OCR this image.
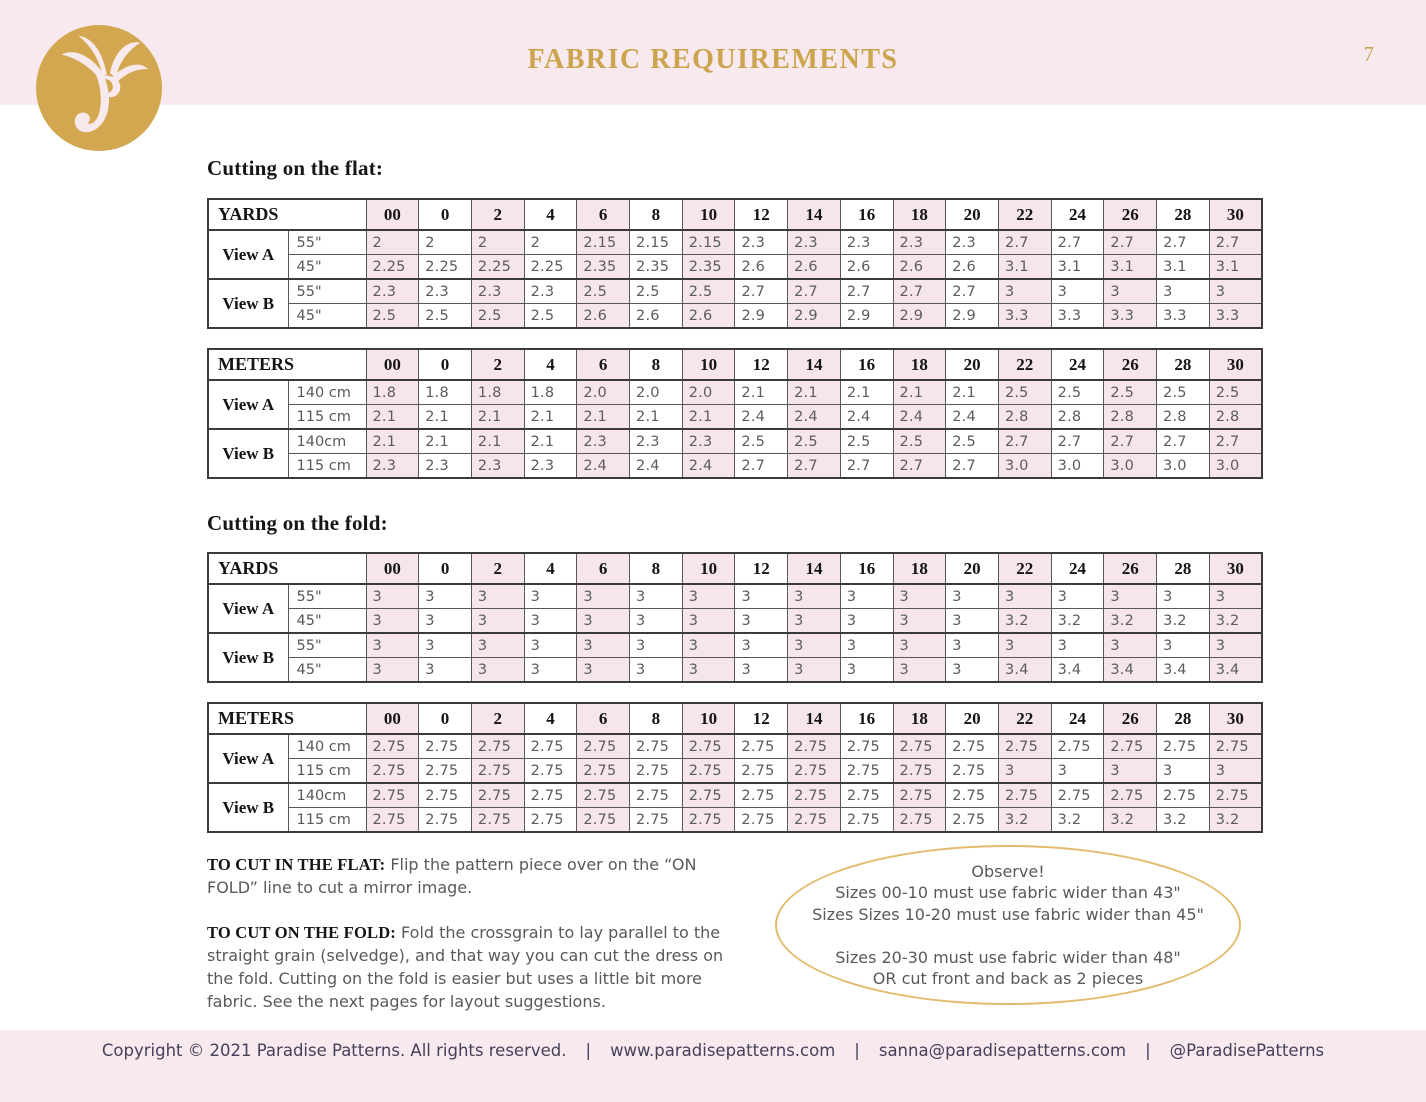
FABRIC REQUIREMENTS	7
Cutting on the flat:
Cutting on the fold:
YARDS		00	0	2	4	6	8	10	12	14	16	18	20	22	24	26	28	30
View A	55"	2	2	2	2	2.15	2.15	2.15	2.3	2.3	2.3	2.3	2.3	2.7	2.7	2.7	2.7	2.7
	45"	2.25	2.25	2.25	2.25	2.35	2.35	2.35	2.6	2.6	2.6	2.6	2.6	3.1	3.1	3.1	3.1	3.1
View B	55"	2.3	2.3	2.3	2.3	2.5	2.5	2.5	2.7	2.7	2.7	2.7	2.7	3	3	3	3	3
	45"	2.5	2.5	2.5	2.5	2.6	2.6	2.6	2.9	2.9	2.9	2.9	2.9	3.3	3.3	3.3	3.3	3.3
METERS		00	0	2	4	6	8	10	12	14	16	18	20	22	24	26	28	30
View A	140 cm	1.8	1.8	1.8	1.8	2.0	2.0	2.0	2.1	2.1	2.1	2.1	2.1	2.5	2.5	2.5	2.5	2.5
	115 cm	2.1	2.1	2.1	2.1	2.1	2.1	2.1	2.4	2.4	2.4	2.4	2.4	2.8	2.8	2.8	2.8	2.8
View B	140cm	2.1	2.1	2.1	2.1	2.3	2.3	2.3	2.5	2.5	2.5	2.5	2.5	2.7	2.7	2.7	2.7	2.7
	115 cm	2.3	2.3	2.3	2.3	2.4	2.4	2.4	2.7	2.7	2.7	2.7	2.7	3.0	3.0	3.0	3.0	3.0
YARDS		00	0	2	4	6	8	10	12	14	16	18	20	22	24	26	28	30
View A	55"	3	3	3	3	3	3	3	3	3	3	3	3	3	3	3	3	3
	45"	3	3	3	3	3	3	3	3	3	3	3	3	3.2	3.2	3.2	3.2	3.2
View B	55"	3	3	3	3	3	3	3	3	3	3	3	3	3	3	3	3	3
	45"	3	3	3	3	3	3	3	3	3	3	3	3	3.4	3.4	3.4	3.4	3.4
METERS		00	0	2	4	6	8	10	12	14	16	18	20	22	24	26	28	30
View A	140 cm	2.75	2.75	2.75	2.75	2.75	2.75	2.75	2.75	2.75	2.75	2.75	2.75	2.75	2.75	2.75	2.75	2.75
	115 cm	2.75	2.75	2.75	2.75	2.75	2.75	2.75	2.75	2.75	2.75	2.75	2.75	3	3	3	3	3
View B	140cm	2.75	2.75	2.75	2.75	2.75	2.75	2.75	2.75	2.75	2.75	2.75	2.75	2.75	2.75	2.75	2.75	2.75
	115 cm	2.75	2.75	2.75	2.75	2.75	2.75	2.75	2.75	2.75	2.75	2.75	2.75	3.2	3.2	3.2	3.2	3.2

TO CUT IN THE FLAT: Flip the pattern piece over on the “ON FOLD” line to cut a mirror image.

TO CUT ON THE FOLD: Fold the crossgrain to lay parallel to the straight grain (selvedge), and that way you can cut the dress on the fold. Cutting on the fold is easier but uses a little bit more fabric. See the next pages for layout suggestions.

Observe!
Sizes 00-10 must use fabric wider than 43"
Sizes Sizes 10-20 must use fabric wider than 45"
Sizes 20-30 must use fabric wider than 48"
OR cut front and back as 2 pieces
Copyright © 2021 Paradise Patterns. All rights reserved. | www.paradisepatterns.com | sanna@paradisepatterns.com | @ParadisePatterns
